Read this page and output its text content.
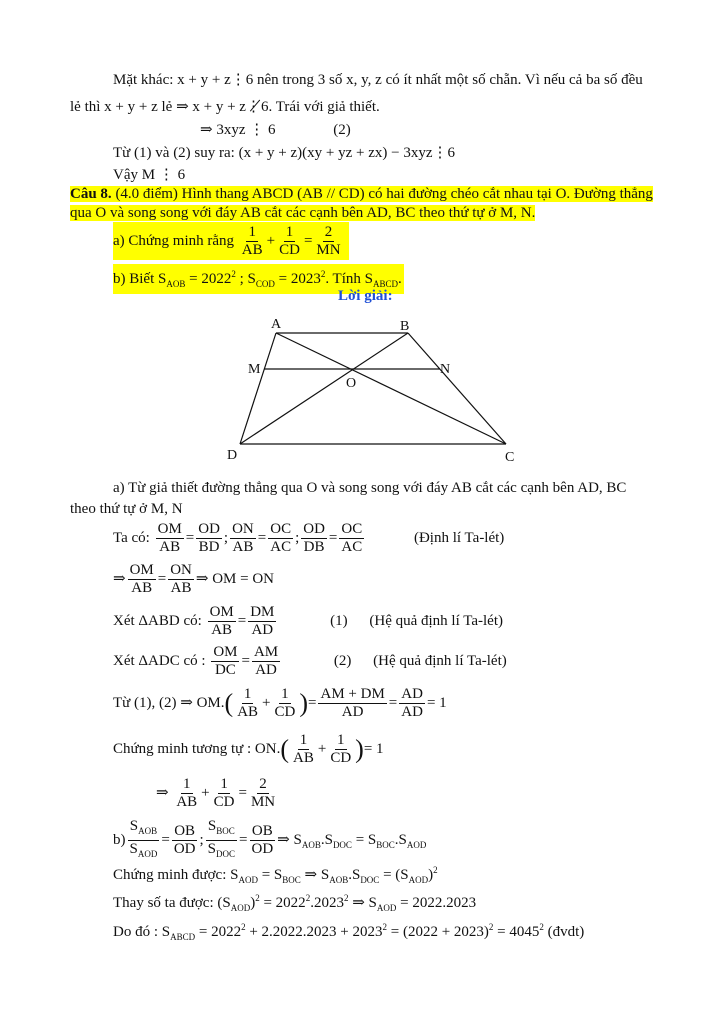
Mặt khác: x + y + z⋮6 nên trong 3 số x, y, z có ít nhất một số chẵn. Vì nếu cả ba số đều
lẻ thì x + y + z lẻ ⇒ x + y + z⋮̸6. Trái với giả thiết.
⇒ 3xyz ⋮ 6	(2)
Từ (1) và (2) suy ra: (x + y + z)(xy + yz + zx) − 3xyz⋮6
Vậy M ⋮ 6
Câu 8. (4.0 điểm) Hình thang ABCD (AB // CD) có hai đường chéo cắt nhau tại O. Đường thẳng
qua O và song song với đáy AB cắt các cạnh bên AD, BC theo thứ tự ở M, N.
a) Chứng minh rằng $\frac{1}{AB} + \frac{1}{CD} = \frac{2}{MN}$
b) Biết $S_{AOB} = 2022^2$ ; $S_{COD} = 2023^2$. Tính $S_{ABCD}$.
Lời giải:
A	B
M	N
O
D	C
a) Từ giả thiết đường thẳng qua O và song song với đáy AB cắt các cạnh bên AD, BC
theo thứ tự ở M, N
Ta có: $\frac{OM}{AB} = \frac{OD}{BD}$ ; $\frac{ON}{AB} = \frac{OC}{AC}$ ; $\frac{OD}{DB} = \frac{OC}{AC}$	(Định lí Ta-lét)
⇒ $\frac{OM}{AB} = \frac{ON}{AB}$ ⇒ OM = ON
Xét ΔABD có: $\frac{OM}{AB} = \frac{DM}{AD}$	(1) (Hệ quả định lí Ta-lét)
Xét ΔADC có : $\frac{OM}{DC} = \frac{AM}{AD}$	(2) (Hệ quả định lí Ta-lét)
Từ (1), (2) ⇒ $OM.( \frac{1}{AB} + \frac{1}{CD}$ )= $\frac{AM + DM}{AD} = \frac{AD}{AD} = 1$
Chứng minh tương tự : $ON.( \frac{1}{AB} + \frac{1}{CD}$ )= 1
⇒ $\frac{1}{AB} + \frac{1}{CD} = \frac{2}{MN}$
$b) \frac{S_{AOB}}{S_{AOD}} = \frac{OB}{OD}$ ; $\frac{S_{BOC}}{S_{DOC}} = \frac{OB}{OD}$ ⇒ $S_{AOB}.S_{DOC} = S_{BOC}.S_{AOD}$
Chứng minh được: $S_{AOD} = S_{BOC}$ ⇒ $S_{AOB}.S_{DOC} = (S_{AOD})^2$
Thay số ta được: $(S_{AOD})^2 = 2022^2.2023^2$ ⇒ $S_{AOD} = 2022.2023$
Do đó : $S_{ABCD} = 2022^2 + 2.2022.2023 + 2023^2 = (2022 + 2023)^2 = 4045^2$ (đvdt)
